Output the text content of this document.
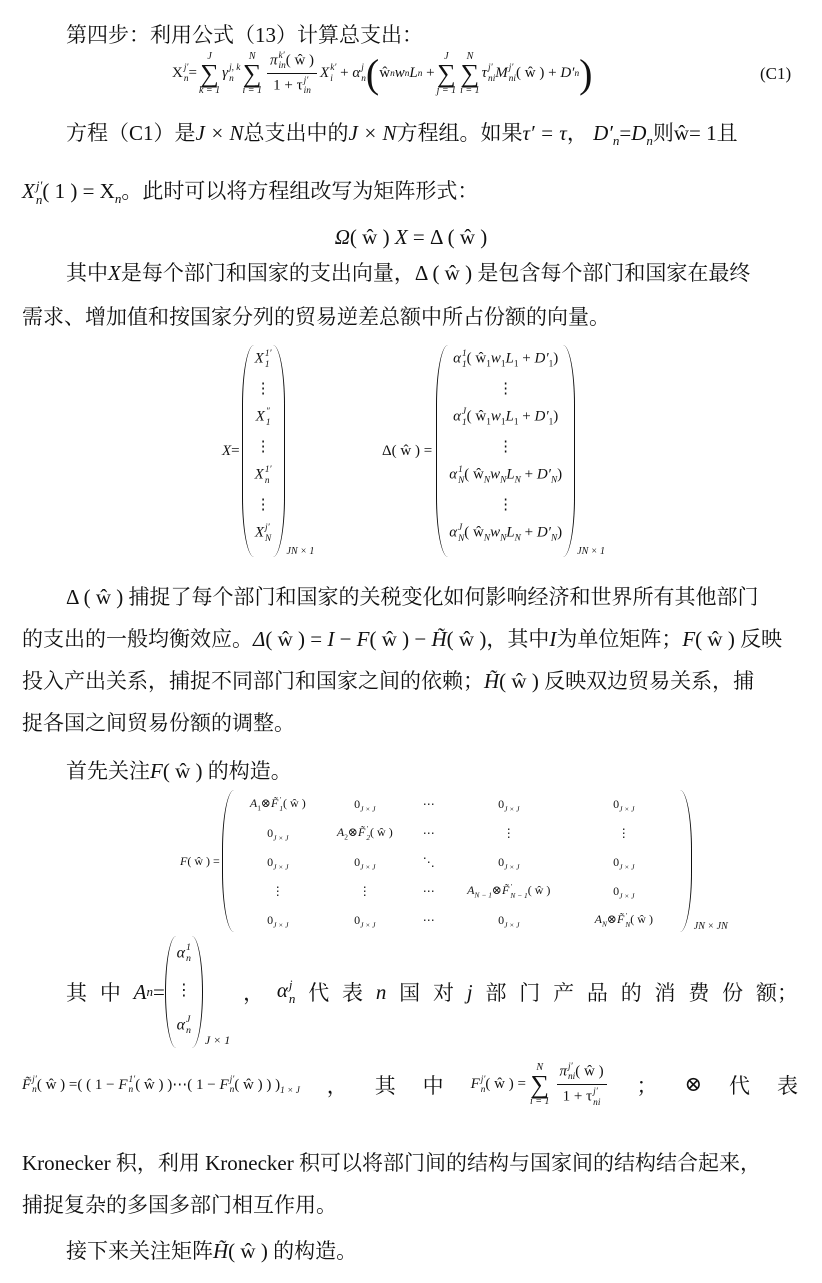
第四步：利用公式（13）计算总支出：
X j′
n =
J
∑
k = 1
γ j, k
n
N
∑
i = 1 π k′
in ( ŵ )
1 + τ j′
in X k′
i
+
α j
n ( ŵ n w n L n
+
J
∑
j = 1
N
∑
i = 1
τ j′
ni M j′
ni ( ŵ )
+
D′ n )	(C1)
方程（C1）是J × N总支出中的J × N方程组。如果τ′ = τ， $D'_n=D_n$则ŵ= 1且
X j′
n ( 1 ) = $X_n$。此时可以将方程组改写为矩阵形式：
Ω( ŵ ) X = Δ ( ŵ )
其中X是每个部门和国家的支出向量，Δ ( ŵ ) 是包含每个部门和国家在最终
需求、增加值和按国家分列的贸易逆差总额中所占份额的向量。
X =
X 1′
1
⋮
X ″
1
⋮
X 1′
n
⋮
X j′
N
JN × 1
Δ ( ŵ )
=
α 1
1 ( $ŵ_1w_1L_1 + D'_1$)
⋮
α J
1 ( $ŵ_1w_1L_1 + D'_1$)
⋮
α 1
N ( $ŵ_Nw_NL_N + D'_N$)
⋮
α J
N ( $ŵ_Nw_NL_N + D'_N$)
JN × 1
Δ ( ŵ ) 捕捉了每个部门和国家的关税变化如何影响经济和世界所有其他部门
的支出的一般均衡效应。Δ( ŵ ) = I − F( ŵ ) − H̃( ŵ )，其中I为单位矩阵；F( ŵ ) 反映
投入产出关系，捕捉不同部门和国家之间的依赖；H̃( ŵ ) 反映双边贸易关系，捕
捉各国之间贸易份额的调整。
首先关注F( ŵ ) 的构造。
F ( ŵ )
=
$A_1\otimes F̃$ ′
1 ( ŵ )	$0_{J \times J}$	⋯	$0_{J \times J}$	$0_{J \times J}$
$0_{J \times J}$	$A_2\otimes F̃$ ′
2 ( ŵ )	⋯	⋮	⋮
$0_{J \times J}$	$0_{J \times J}$	⋱	$0_{J \times J}$	$0_{J \times J}$
⋮	⋮	⋯	$A_{N - 1}\otimes F̃$ ′
N − 1 ( ŵ )	$0_{J \times J}$
$0_{J \times J}$	$0_{J \times J}$	⋯	$0_{J \times J}$	$A_N\otimes F̃$ ′
N ( ŵ )
JN × JN
其 中 A n =
α 1
n
⋮
α J
n
J × 1
， α j
n 代 表 n 国 对 j 部 门 产 品 的 消 费 份 额；
F̃ j′
n ( ŵ ) =( ( 1 − F 1′
n ( ŵ ) )⋯( 1 − F j′
n ( ŵ ) ) )$_{1 \times J}$ ， 其 中 F j′
n ( ŵ ) =
N
∑
i = 1 π j′
ni ( ŵ )
1 + τ j′
ni ； ⊗ 代 表
Kronecker 积，利用 Kronecker 积可以将部门间的结构与国家间的结构结合起来，
捕捉复杂的多国多部门相互作用。
接下来关注矩阵H̃( ŵ ) 的构造。
